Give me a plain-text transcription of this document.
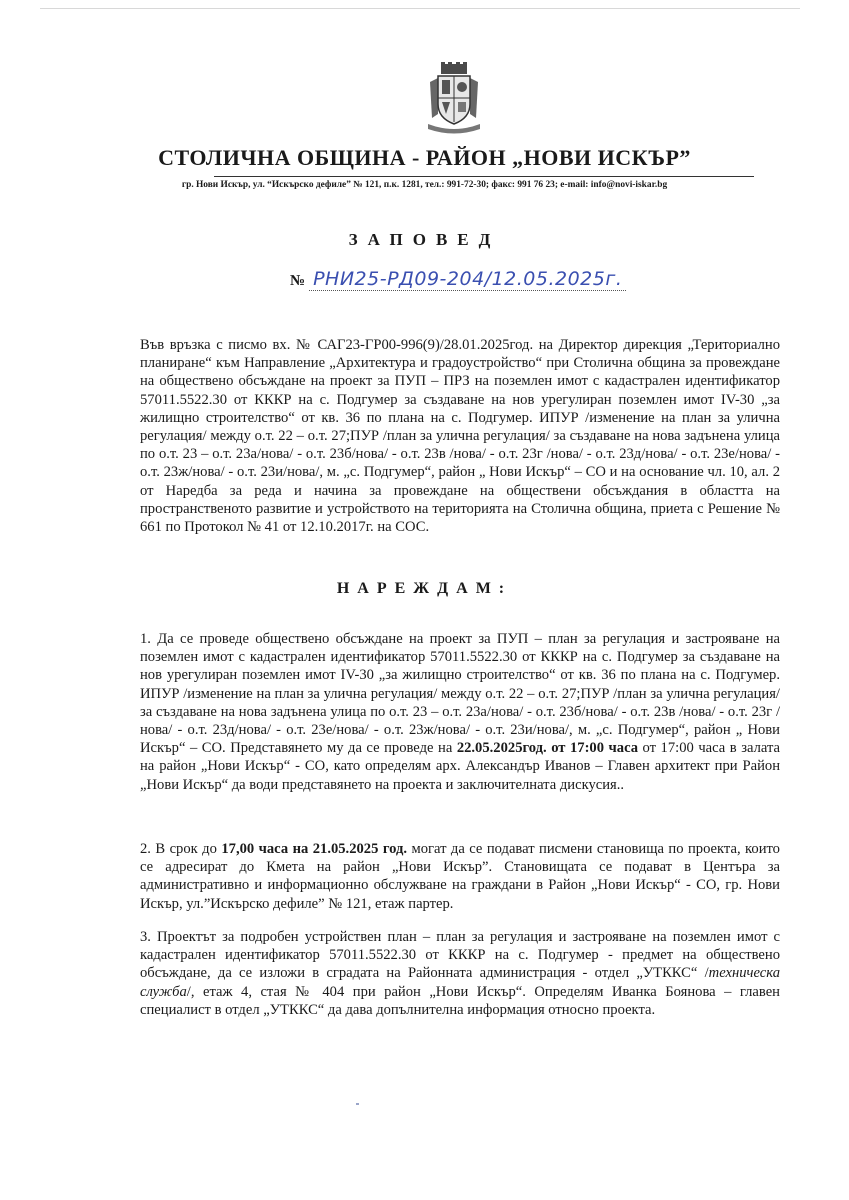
СТОЛИЧНА ОБЩИНА - РАЙОН „НОВИ ИСКЪР”
гр. Нови Искър, ул. “Искърско дефиле” № 121, п.к. 1281, тел.: 991-72-30; факс: 991 76 23; e-mail: info@novi-iskar.bg
ЗАПОВЕД
№ РНИ25-РД09-204/12.05.2025г.

Във връзка с писмо вх. № САГ23-ГР00-996(9)/28.01.2025год. на Директор дирекция „Териториално планиране“ към Направление „Архитектура и градоустройство“ при Столична община за провеждане на обществено обсъждане на проект за ПУП – ПРЗ на поземлен имот с кадастрален идентификатор 57011.5522.30 от КККР на с. Подгумер за създаване на нов урегулиран поземлен имот IV-30 „за жилищно строителство“ от кв. 36 по плана на с. Подгумер. ИПУР /изменение на план за улична регулация/ между о.т. 22 – о.т. 27;ПУР /план за улична регулация/ за създаване на нова задънена улица по о.т. 23 – о.т. 23а/нова/ - о.т. 23б/нова/ - о.т. 23в /нова/ - о.т. 23г /нова/ - о.т. 23д/нова/ - о.т. 23е/нова/ - о.т. 23ж/нова/ - о.т. 23и/нова/, м. „с. Подгумер“, район „ Нови Искър“ – СО и на основание чл. 10, ал. 2 от Наредба за реда и начина за провеждане на обществени обсъждания в областта на пространственото развитие и устройството на територията на Столична община, приета с Решение № 661 по Протокол № 41 от 12.10.2017г. на СОС.

НАРЕЖДАМ:

1. Да се проведе обществено обсъждане на проект за ПУП – план за регулация и застрояване на поземлен имот с кадастрален идентификатор 57011.5522.30 от КККР на с. Подгумер за създаване на нов урегулиран поземлен имот IV-30 „за жилищно строителство“ от кв. 36 по плана на с. Подгумер. ИПУР /изменение на план за улична регулация/ между о.т. 22 – о.т. 27;ПУР /план за улична регулация/ за създаване на нова задънена улица по о.т. 23 – о.т. 23а/нова/ - о.т. 23б/нова/ - о.т. 23в /нова/ - о.т. 23г /нова/ - о.т. 23д/нова/ - о.т. 23е/нова/ - о.т. 23ж/нова/ - о.т. 23и/нова/, м. „с. Подгумер“, район „ Нови Искър“ – СО. Представянето му да се проведе на 22.05.2025год. от 17:00 часа от 17:00 часа в залата на район „Нови Искър“ - СО, като определям арх. Александър Иванов – Главен архитект при Район „Нови Искър“ да води представянето на проекта и заключителната дискусия..

2. В срок до 17,00 часа на 21.05.2025 год. могат да се подават писмени становища по проекта, които се адресират до Кмета на район „Нови Искър”. Становищата се подават в Центъра за административно и информационно обслужване на граждани в Район „Нови Искър“ - СО, гр. Нови Искър, ул.”Искърско дефиле” № 121, етаж партер.

3. Проектът за подробен устройствен план – план за регулация и застрояване на поземлен имот с кадастрален идентификатор 57011.5522.30 от КККР на с. Подгумер - предмет на обществено обсъждане, да се изложи в сградата на Районната администрация - отдел „УТККС“ /техническа служба/, етаж 4, стая № 404 при район „Нови Искър“. Определям Иванка Боянова – главен специалист в отдел „УТККС“ да дава допълнителна информация относно проекта.
